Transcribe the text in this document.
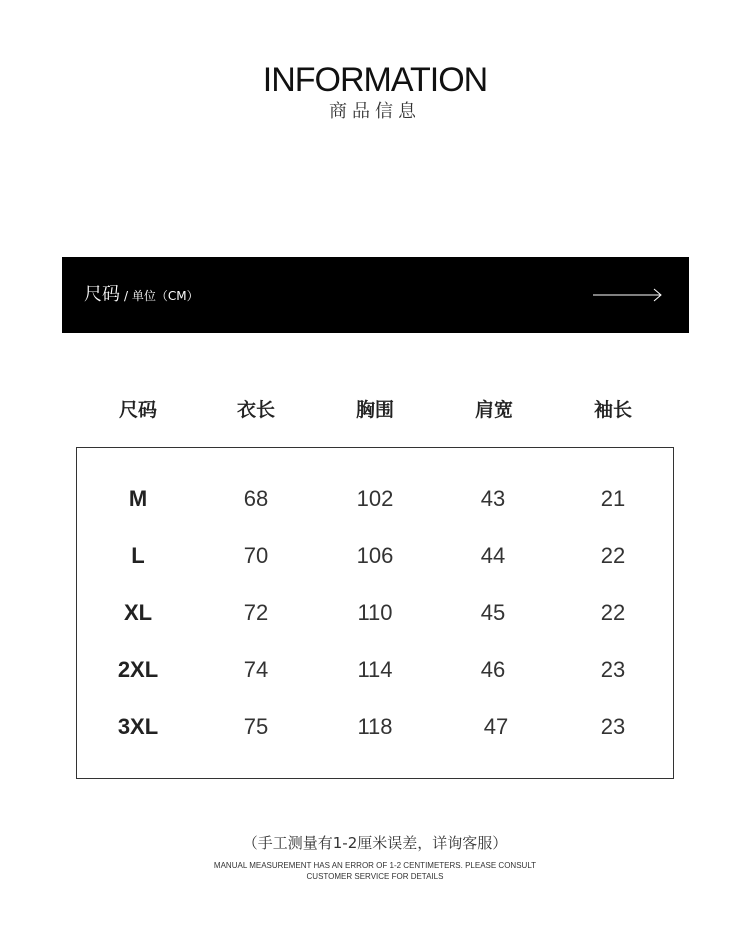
INFORMATION
商品信息
尺码 / 单位（CM）
尺码	衣长	胸围	肩宽	袖长
M	68	102	43	21
L	70	106	44	22
XL	72	110	45	22
2XL	74	114	46	23
3XL	75	118	47	23
（手工测量有1-2厘米误差，详询客服）
MANUAL MEASUREMENT HAS AN ERROR OF 1-2 CENTIMETERS. PLEASE CONSULT
CUSTOMER SERVICE FOR DETAILS
